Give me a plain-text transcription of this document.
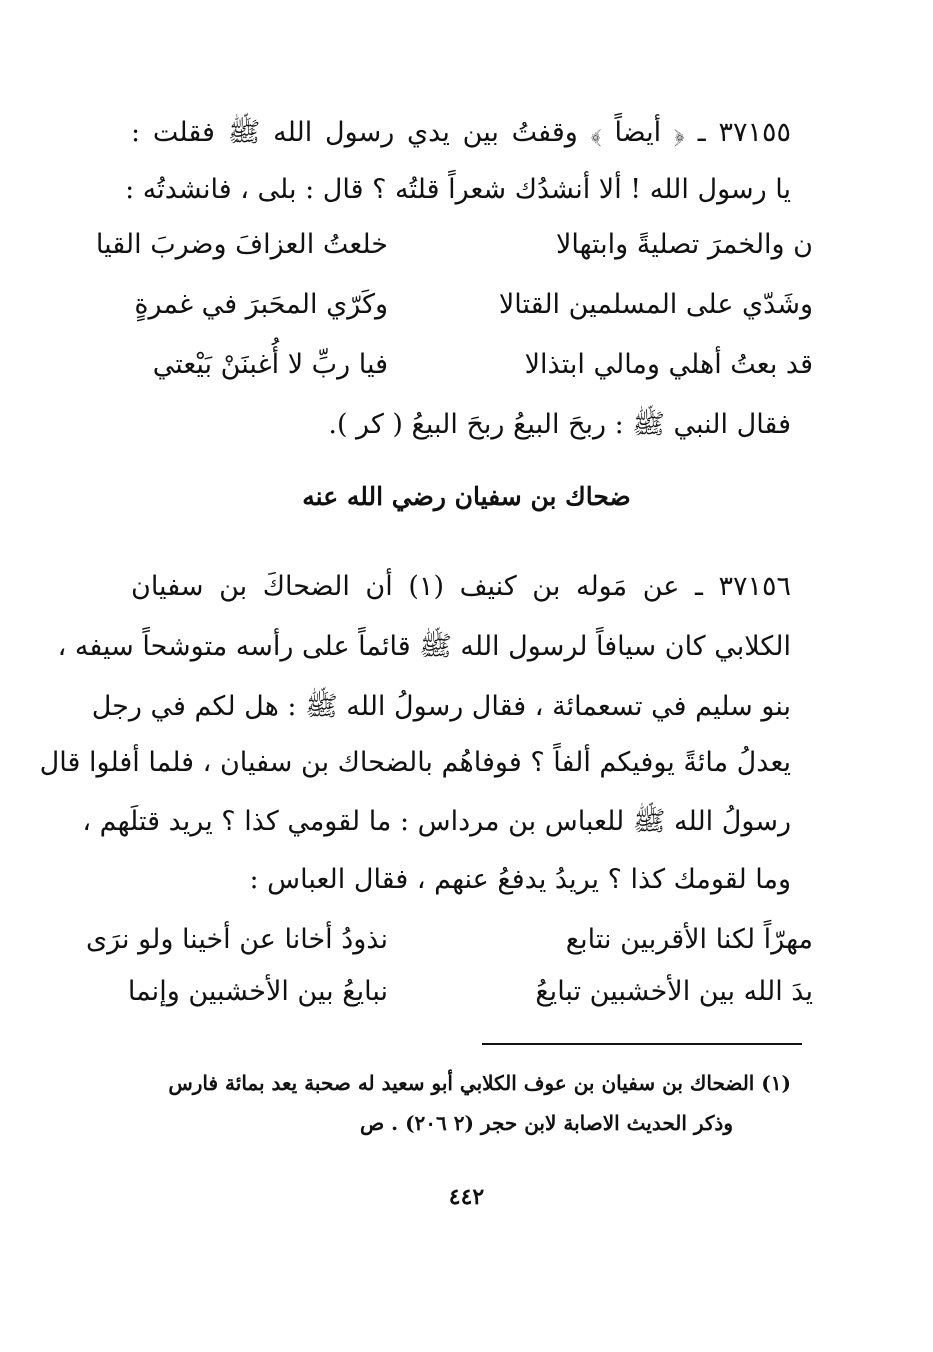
٣٧١٥٥ ـ ﴿ أيضاً ﴾ وقفتُ بين يدي رسول الله ﷺ فقلت :
يا رسول الله ! ألا أنشدُك شعراً قلتُه ؟ قال : بلى ، فانشدتُه :
خلعتُ العزافَ وضربَ القيا	ن والخمرَ تصليةً وابتهالا
وكَرّي المحَبرَ في غمرةٍ	وشَدّي على المسلمين القتالا
فيا ربِّ لا أُغبنَنْ بَيْعتي	قد بعتُ أهلي ومالي ابتذالا
فقال النبي ﷺ : ربحَ البيعُ ربحَ البيعُ ( كر ).
ضحاك بن سفيان رضي الله عنه
٣٧١٥٦ ـ عن مَوله بن كنيف (١) أن الضحاكَ بن سفيان
الكلابي كان سيافاً لرسول الله ﷺ قائماً على رأسه متوشحاً سيفه ،
بنو سليم في تسعمائة ، فقال رسولُ الله ﷺ : هل لكم في رجل
يعدلُ مائةً يوفيكم ألفاً ؟ فوفاهُم بالضحاك بن سفيان ، فلما أفلوا قال
رسولُ الله ﷺ للعباس بن مرداس : ما لقومي كذا ؟ يريد قتلَهم ،
وما لقومك كذا ؟ يريدُ يدفعُ عنهم ، فقال العباس :
نذودُ أخانا عن أخينا ولو نرَى	مهرّاً لكنا الأقربين نتابع
نبايعُ بين الأخشبين وإنما	يدَ الله بين الأخشبين تبايعُ
(١) الضحاك بن سفيان بن عوف الكلابي أبو سعيد له صحبة يعد بمائة فارس
وذكر الحديث الاصابة لابن حجر (٢ ٢٠٦) . ص
٤٤٢
